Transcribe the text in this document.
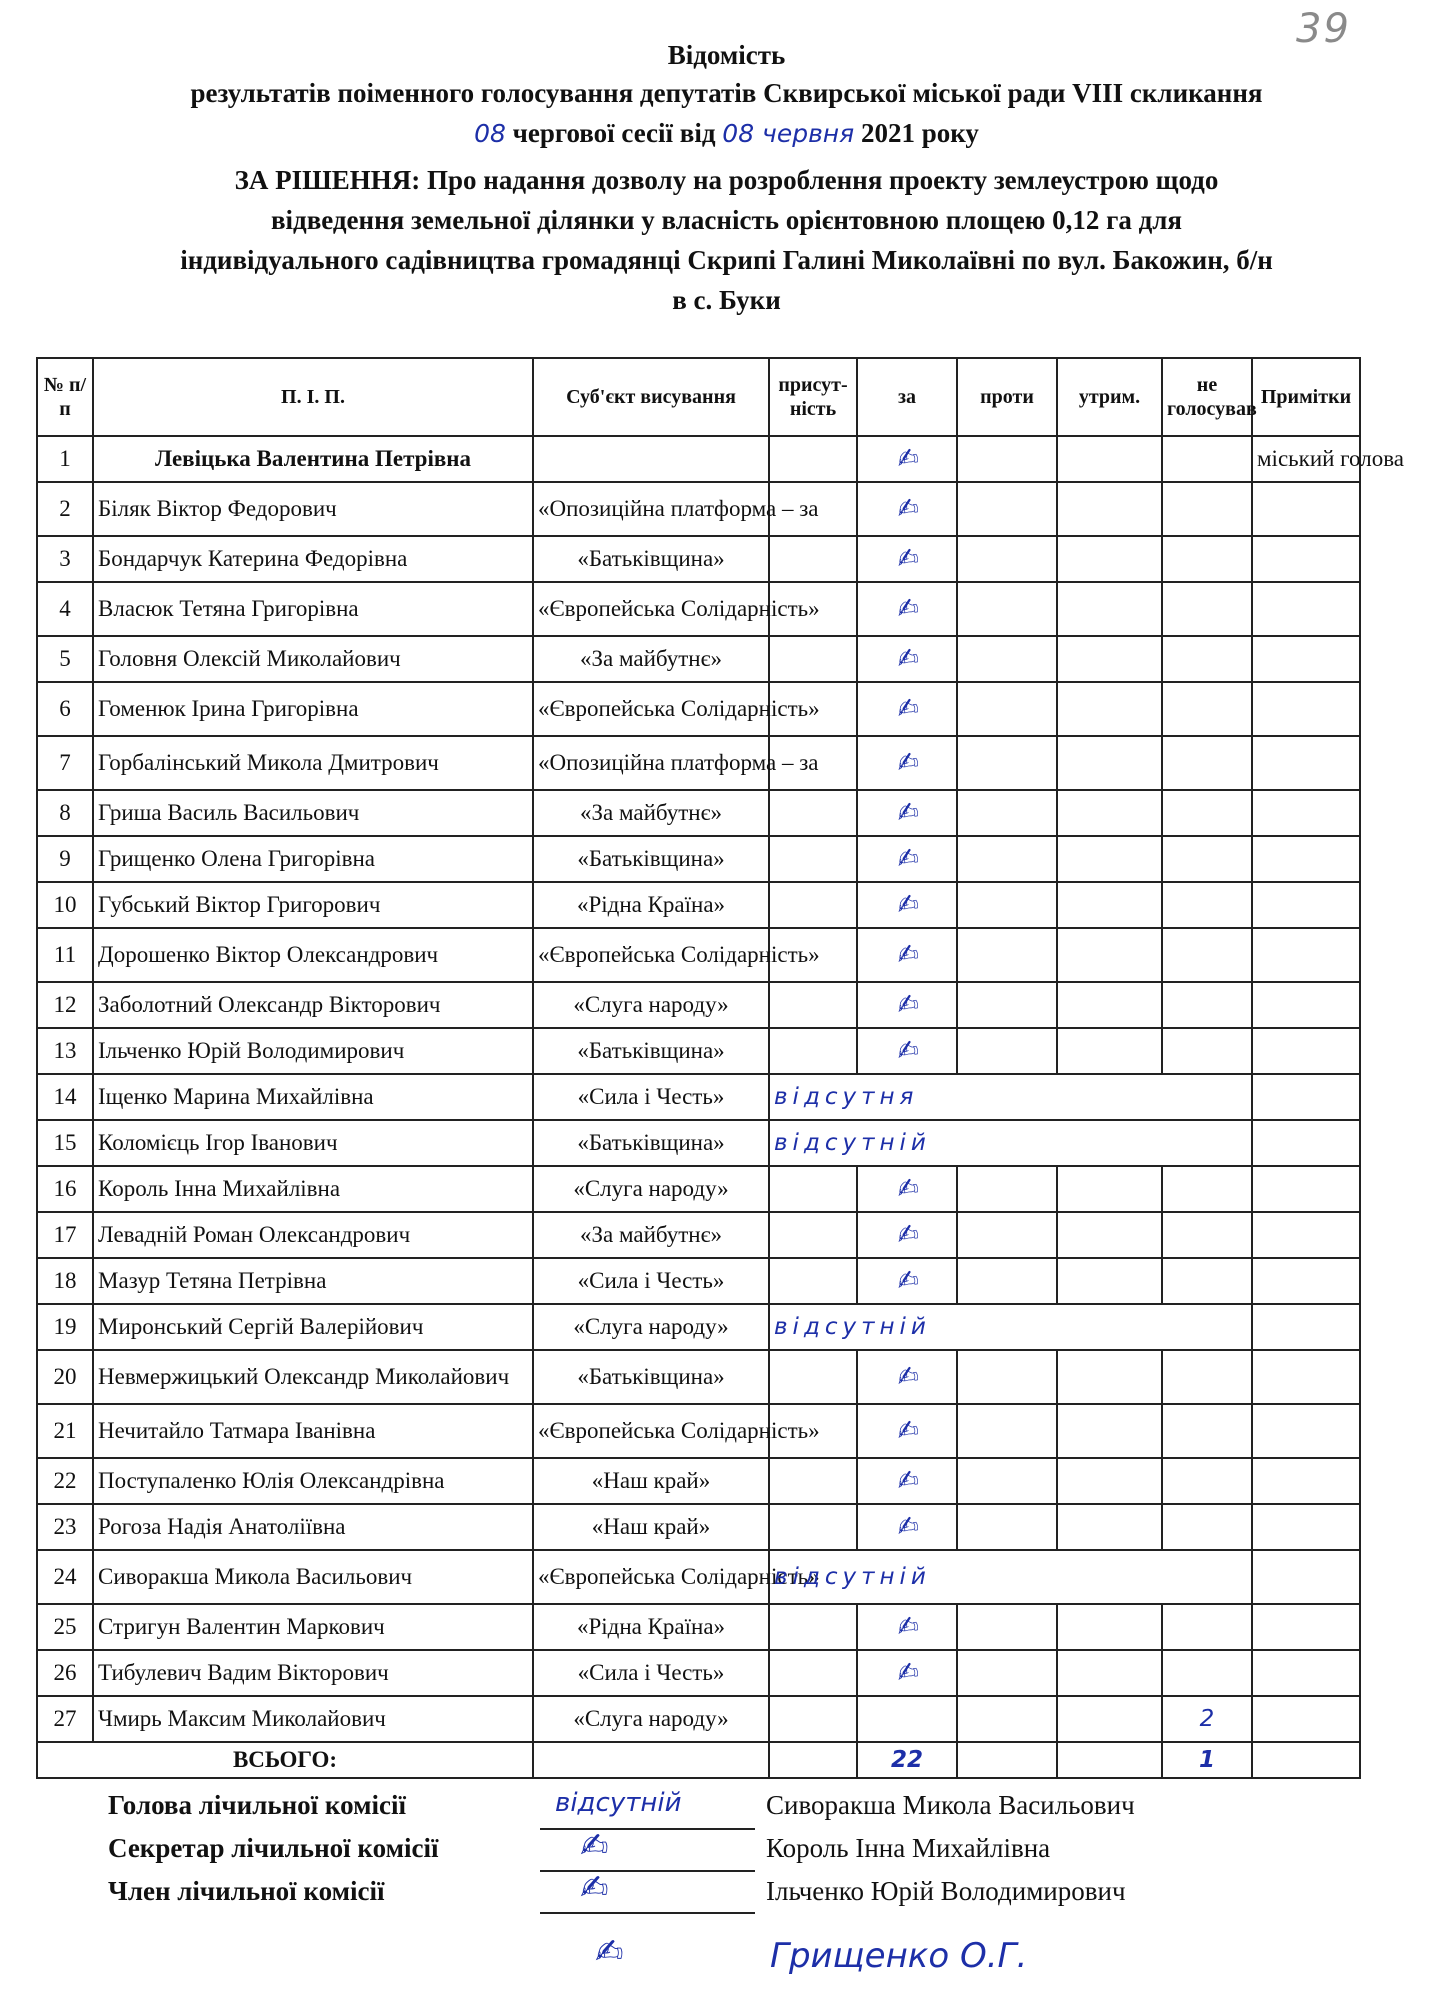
39
Відомість
результатів поіменного голосування депутатів Сквирської міської ради VIII скликання
08 чергової сесії від 08 червня 2021 року
ЗА РІШЕННЯ: Про надання дозволу на розроблення проекту землеустрою щодо
відведення земельної ділянки у власність орієнтовною площею 0,12 га для
індивідуального садівництва громадянці Скрипі Галині Миколаївні по вул. Бакожин, б/н
в с. Буки
№ п/п	П. І. П.	Суб'єкт висування	присут-ність	за	проти	утрим.	не голосував	Примітки
1	Левіцька Валентина Петрівна			✍				міський голова
2	Біляк Віктор Федорович	«Опозиційна платформа – за		✍				
3	Бондарчук Катерина Федорівна	«Батьківщина»		✍				
4	Власюк Тетяна Григорівна	«Європейська Солідарність»		✍				
5	Головня Олексій Миколайович	«За майбутнє»		✍				
6	Гоменюк Ірина Григорівна	«Європейська Солідарність»		✍				
7	Горбалінський Микола Дмитрович	«Опозиційна платформа – за		✍				
8	Гриша Василь Васильович	«За майбутнє»		✍				
9	Грищенко Олена Григорівна	«Батьківщина»		✍				
10	Губський Віктор Григорович	«Рідна Країна»		✍				
11	Дорошенко Віктор Олександрович	«Європейська Солідарність»		✍				
12	Заболотний Олександр Вікторович	«Слуга народу»		✍				
13	Ільченко Юрій Володимирович	«Батьківщина»		✍				
14	Іщенко Марина Михайлівна	«Сила і Честь»	відсутня					
15	Коломієць Ігор Іванович	«Батьківщина»	відсутній					
16	Король Інна Михайлівна	«Слуга народу»		✍				
17	Левадній Роман Олександрович	«За майбутнє»		✍				
18	Мазур Тетяна Петрівна	«Сила і Честь»		✍				
19	Миронський Сергій Валерійович	«Слуга народу»	відсутній					
20	Невмержицький Олександр Миколайович	«Батьківщина»		✍				
21	Нечитайло Татмара Іванівна	«Європейська Солідарність»		✍				
22	Поступаленко Юлія Олександрівна	«Наш край»		✍				
23	Рогоза Надія Анатоліївна	«Наш край»		✍				
24	Сиворакша Микола Васильович	«Європейська Солідарність»	відсутній					
25	Стригун Валентин Маркович	«Рідна Країна»		✍				
26	Тибулевич Вадим Вікторович	«Сила і Честь»		✍				
27	Чмирь Максим Миколайович	«Слуга народу»					2	
ВСЬОГО:				22			1	
Голова лічильної комісії	відсутній	Сиворакша Микола Васильович
Секретар лічильної комісії	✍	Король Інна Михайлівна
Член лічильної комісії	✍	Ільченко Юрій Володимирович
✍	Грищенко О.Г.
